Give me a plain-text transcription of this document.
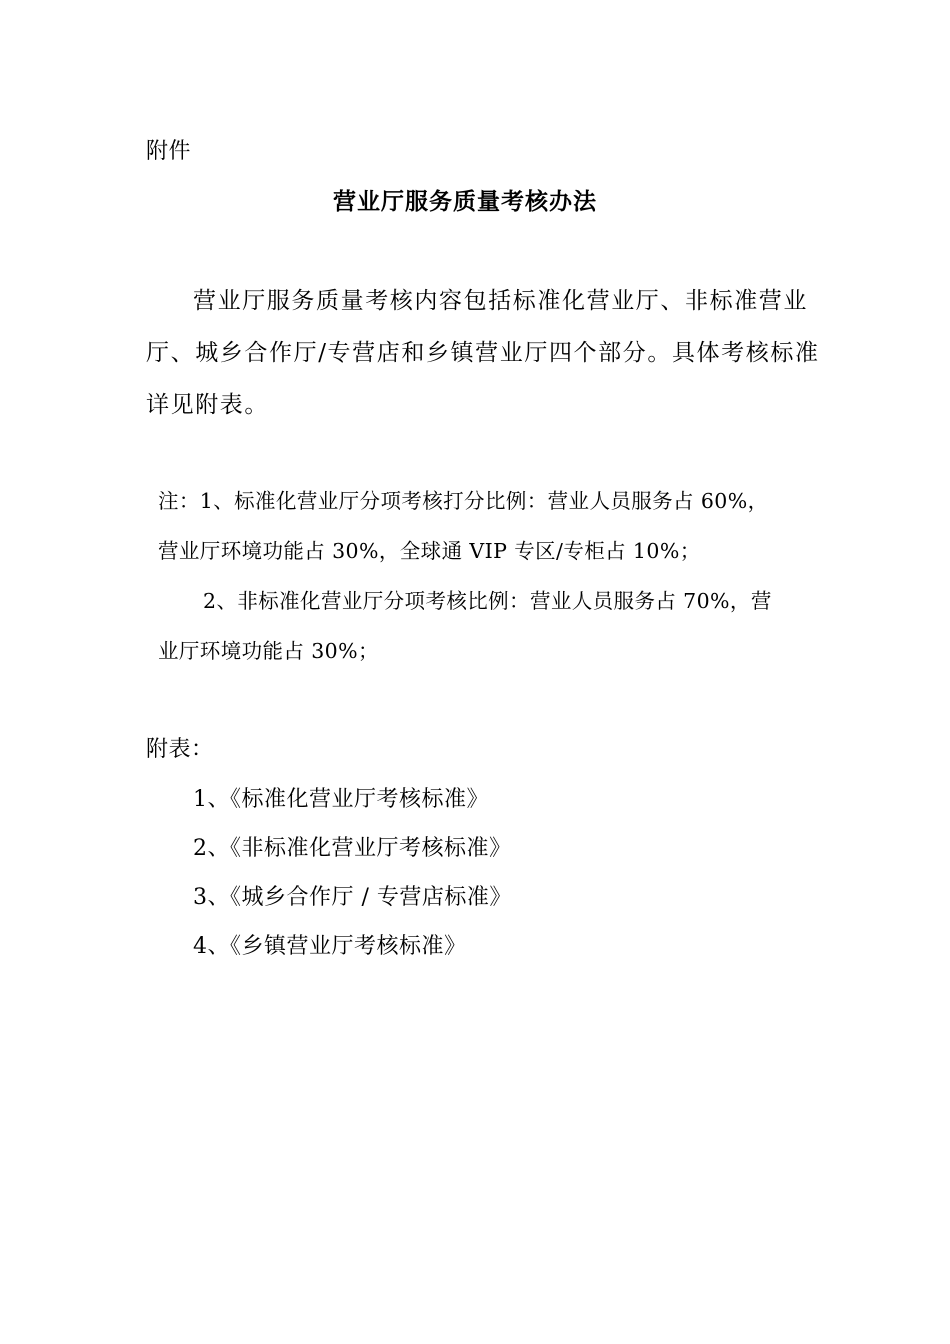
附件
营业厅服务质量考核办法
营业厅服务质量考核内容包括标准化营业厅、非标准营业
厅、城乡合作厅/专营店和乡镇营业厅四个部分。具体考核标准
详见附表。
注：1、标准化营业厅分项考核打分比例：营业人员服务占 60%，
营业厅环境功能占 30%，全球通 VIP 专区/专柜占 10%；
2、非标准化营业厅分项考核比例：营业人员服务占 70%，营
业厅环境功能占 30%；
附表：
1、《标准化营业厅考核标准》
2、《非标准化营业厅考核标准》
3、《城乡合作厅 / 专营店标准》
4、《乡镇营业厅考核标准》
